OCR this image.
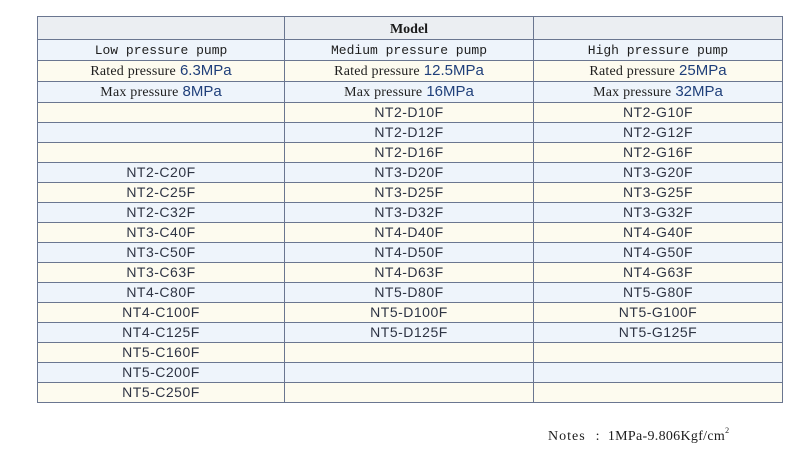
	Model	
Low pressure pump	Medium pressure pump	High pressure pump
Rated pressure 6.3MPa	Rated pressure 12.5MPa	Rated pressure 25MPa
Max pressure 8MPa	Max pressure 16MPa	Max pressure 32MPa
	NT2-D10F	NT2-G10F
	NT2-D12F	NT2-G12F
	NT2-D16F	NT2-G16F
NT2-C20F	NT3-D20F	NT3-G20F
NT2-C25F	NT3-D25F	NT3-G25F
NT2-C32F	NT3-D32F	NT3-G32F
NT3-C40F	NT4-D40F	NT4-G40F
NT3-C50F	NT4-D50F	NT4-G50F
NT3-C63F	NT4-D63F	NT4-G63F
NT4-C80F	NT5-D80F	NT5-G80F
NT4-C100F	NT5-D100F	NT5-G100F
NT4-C125F	NT5-D125F	NT5-G125F
NT5-C160F		
NT5-C200F		
NT5-C250F		
Notes : $1MPa-9.806Kgf/cm^2$
